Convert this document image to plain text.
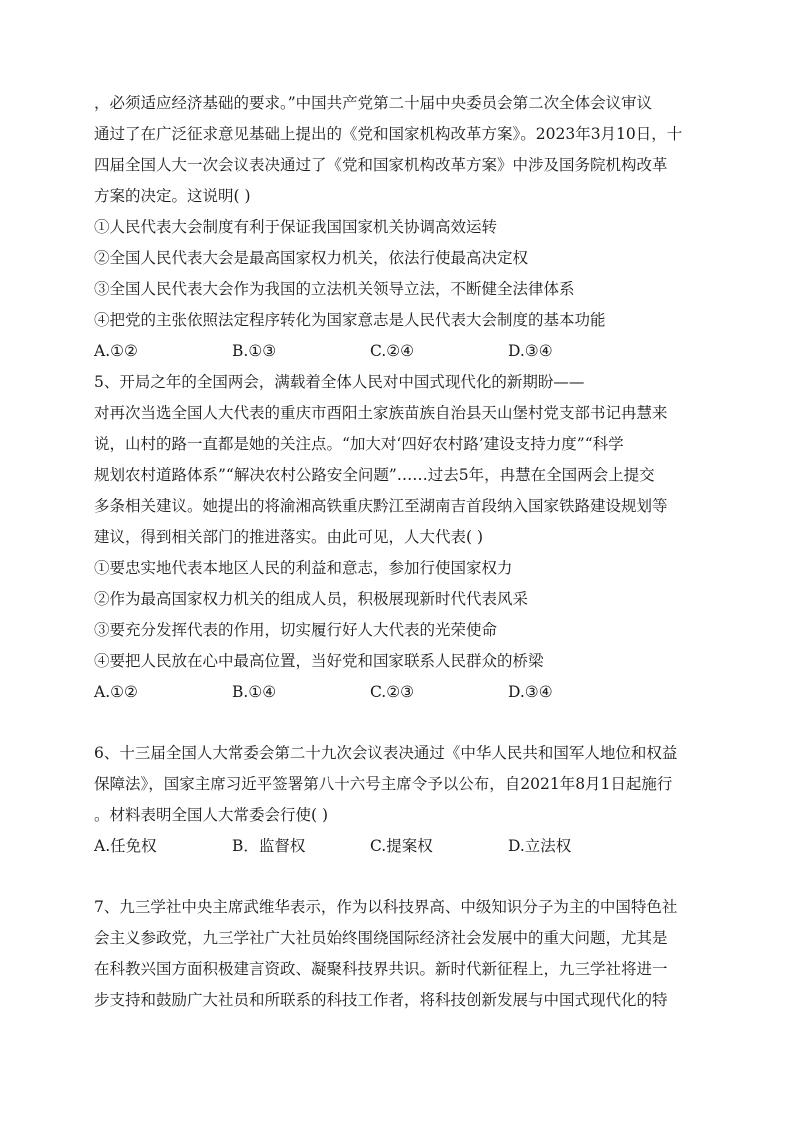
，必须适应经济基础的要求。”中国共产党第二十届中央委员会第二次全体会议审议
通过了在广泛征求意见基础上提出的《党和国家机构改革方案》。2023年3月10日，十
四届全国人大一次会议表决通过了《党和国家机构改革方案》中涉及国务院机构改革
方案的决定。这说明( )
①人民代表大会制度有利于保证我国国家机关协调高效运转
②全国人民代表大会是最高国家权力机关，依法行使最高决定权
③全国人民代表大会作为我国的立法机关领导立法，不断健全法律体系
④把党的主张依照法定程序转化为国家意志是人民代表大会制度的基本功能
A.①②	B.①③	C.②④	D.③④
5、开局之年的全国两会，满载着全体人民对中国式现代化的新期盼——
对再次当选全国人大代表的重庆市酉阳土家族苗族自治县天山堡村党支部书记冉慧来
说，山村的路一直都是她的关注点。“加大对‘四好农村路’建设支持力度”“科学
规划农村道路体系”“解决农村公路安全问题”……过去5年，冉慧在全国两会上提交
多条相关建议。她提出的将渝湘高铁重庆黔江至湖南吉首段纳入国家铁路建设规划等
建议，得到相关部门的推进落实。由此可见，人大代表( )
①要忠实地代表本地区人民的利益和意志，参加行使国家权力
②作为最高国家权力机关的组成人员，积极展现新时代代表风采
③要充分发挥代表的作用，切实履行好人大代表的光荣使命
④要把人民放在心中最高位置，当好党和国家联系人民群众的桥梁
A.①②	B.①④	C.②③	D.③④
6、十三届全国人大常委会第二十九次会议表决通过《中华人民共和国军人地位和权益
保障法》，国家主席习近平签署第八十六号主席令予以公布，自2021年8月1日起施行
。材料表明全国人大常委会行使( )
A.任免权	B．监督权	C.提案权	D.立法权
7、九三学社中央主席武维华表示，作为以科技界高、中级知识分子为主的中国特色社
会主义参政党，九三学社广大社员始终围绕国际经济社会发展中的重大问题，尤其是
在科教兴国方面积极建言资政、凝聚科技界共识。新时代新征程上，九三学社将进一
步支持和鼓励广大社员和所联系的科技工作者，将科技创新发展与中国式现代化的特
